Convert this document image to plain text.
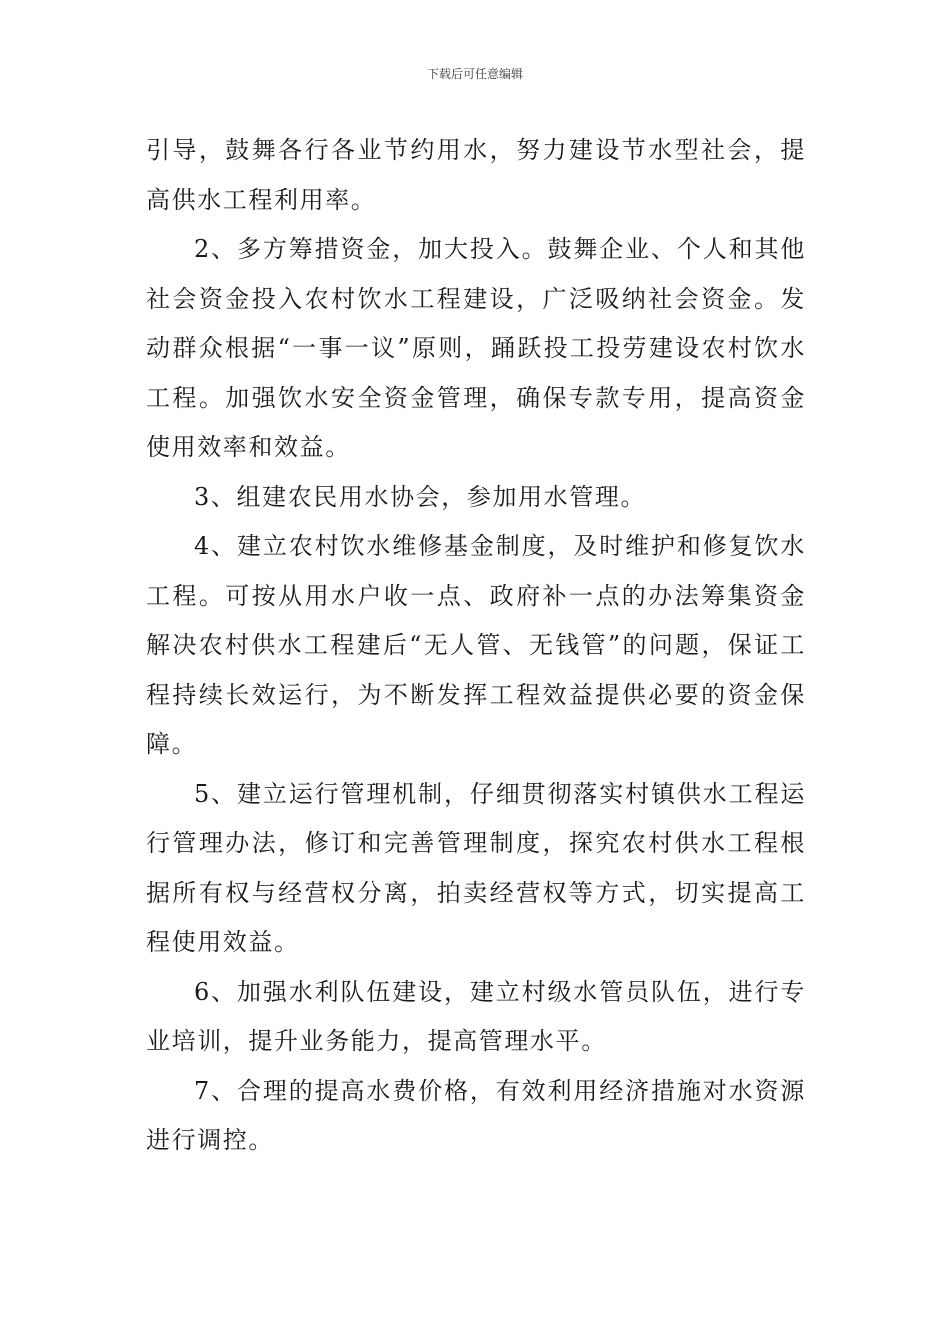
下载后可任意编辑

引导，鼓舞各行各业节约用水，努力建设节水型社会，提高供水工程利用率。

2、多方筹措资金，加大投入。鼓舞企业、个人和其他社会资金投入农村饮水工程建设，广泛吸纳社会资金。发动群众根据“一事一议”原则，踊跃投工投劳建设农村饮水工程。加强饮水安全资金管理，确保专款专用，提高资金使用效率和效益。

3、组建农民用水协会，参加用水管理。

4、建立农村饮水维修基金制度，及时维护和修复饮水工程。可按从用水户收一点、政府补一点的办法筹集资金解决农村供水工程建后“无人管、无钱管”的问题，保证工程持续长效运行，为不断发挥工程效益提供必要的资金保障。

5、建立运行管理机制，仔细贯彻落实村镇供水工程运行管理办法，修订和完善管理制度，探究农村供水工程根据所有权与经营权分离，拍卖经营权等方式，切实提高工程使用效益。

6、加强水利队伍建设，建立村级水管员队伍，进行专业培训，提升业务能力，提高管理水平。

7、合理的提高水费价格，有效利用经济措施对水资源进行调控。
